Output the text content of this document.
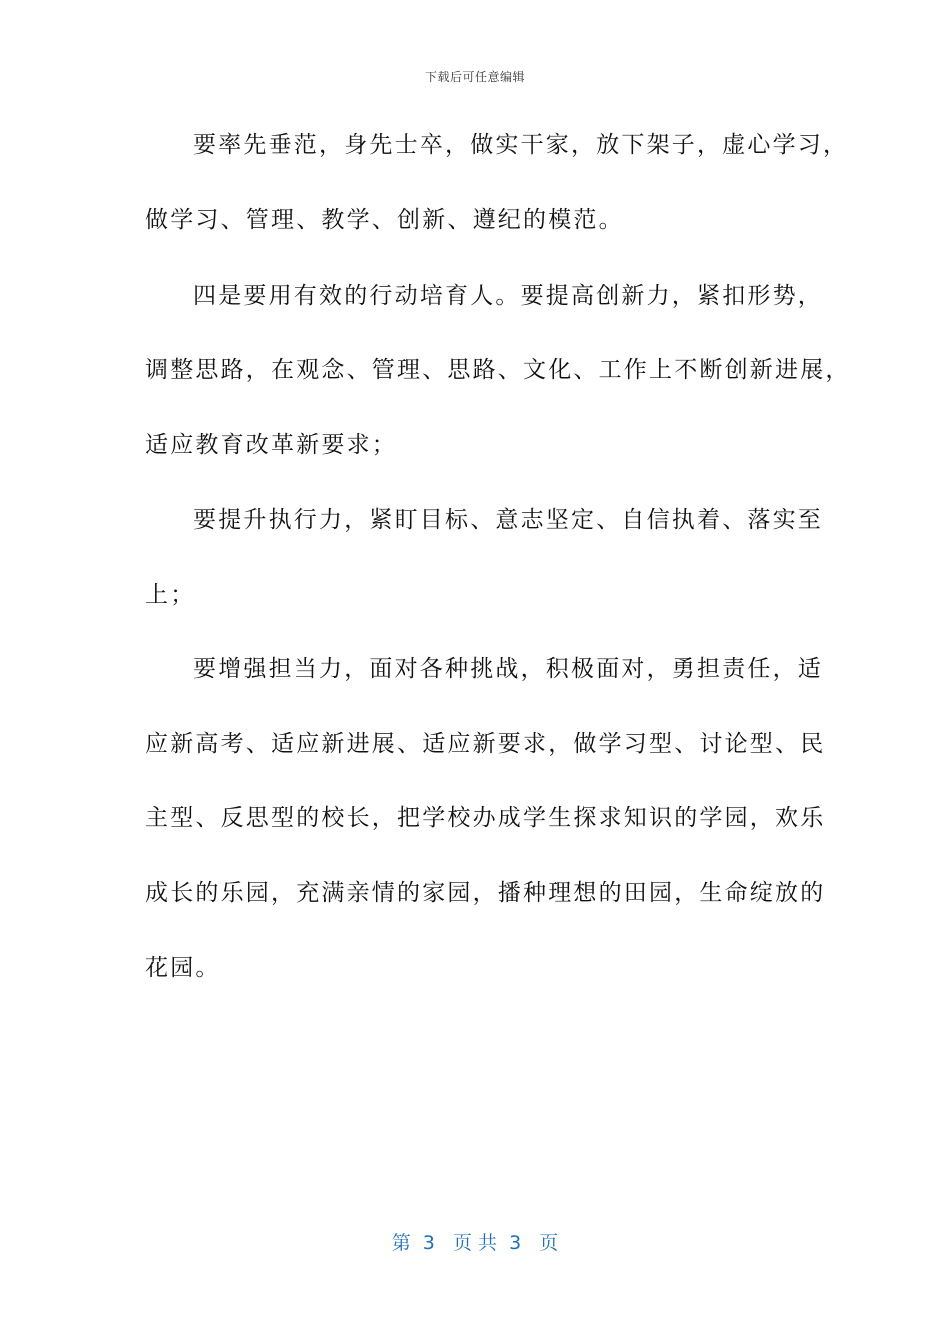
下载后可任意编辑
要率先垂范，身先士卒，做实干家，放下架子，虚心学习，
做学习、管理、教学、创新、遵纪的模范。
四是要用有效的行动培育人。要提高创新力，紧扣形势，
调整思路，在观念、管理、思路、文化、工作上不断创新进展，
适应教育改革新要求；
要提升执行力，紧盯目标、意志坚定、自信执着、落实至
上；
要增强担当力，面对各种挑战，积极面对，勇担责任，适
应新高考、适应新进展、适应新要求，做学习型、讨论型、民
主型、反思型的校长，把学校办成学生探求知识的学园，欢乐
成长的乐园，充满亲情的家园，播种理想的田园，生命绽放的
花园。
第  3   页 共  3   页
